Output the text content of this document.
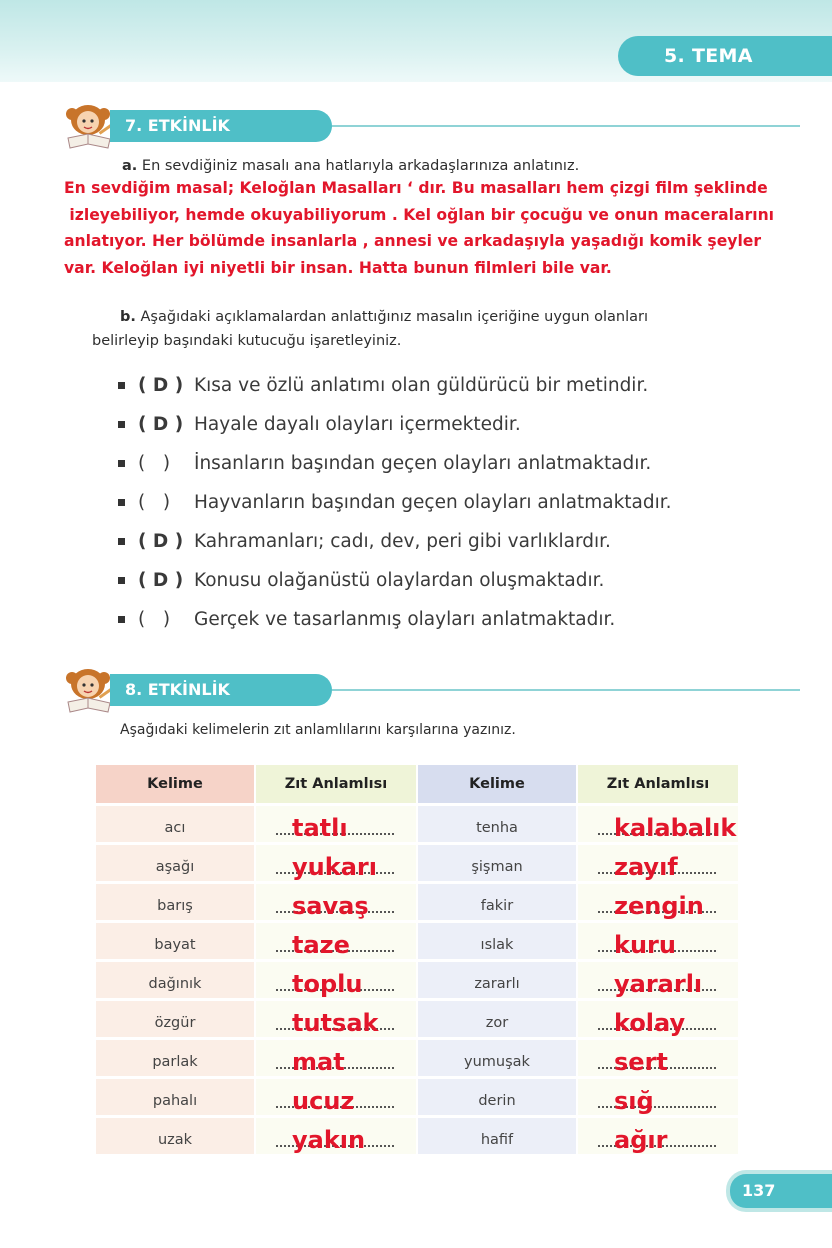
5. TEMA
7. ETKİNLİK
a. En sevdiğiniz masalı ana hatlarıyla arkadaşlarınıza anlatınız.
En sevdiğim masal; Keloğlan Masalları ‘ dır. Bu masalları hem çizgi film şeklinde
izleyebiliyor, hemde okuyabiliyorum . Kel oğlan bir çocuğu ve onun maceralarını
anlatıyor. Her bölümde insanlarla , annesi ve arkadaşıyla yaşadığı komik şeyler
var. Keloğlan iyi niyetli bir insan. Hatta bunun filmleri bile var.
b. Aşağıdaki açıklamalardan anlattığınız masalın içeriğine uygun olanları
belirleyip başındaki kutucuğu işaretleyiniz.
( D ) Kısa ve özlü anlatımı olan güldürücü bir metindir.
( D ) Hayale dayalı olayları içermektedir.
(   )	İnsanların başından geçen olayları anlatmaktadır.
(   )	Hayvanların başından geçen olayları anlatmaktadır.
( D ) Kahramanları; cadı, dev, peri gibi varlıklardır.
( D ) Konusu olağanüstü olaylardan oluşmaktadır.
(   )	Gerçek ve tasarlanmış olayları anlatmaktadır.
8. ETKİNLİK
Aşağıdaki kelimelerin zıt anlamlılarını karşılarına yazınız.
Kelime	Zıt Anlamlısı	Kelime	Zıt Anlamlısı
acı	tatlı	tenha	kalabalık

aşağı	yukarı	şişman	zayıf

barış	savaş	fakir	zengin

bayat	taze	ıslak	kuru

dağınık	toplu	zararlı	yararlı

özgür	tutsak	zor	kolay

parlak	mat	yumuşak	sert

pahalı	ucuz	derin	sığ

uzak	yakın	hafif	ağır
137
